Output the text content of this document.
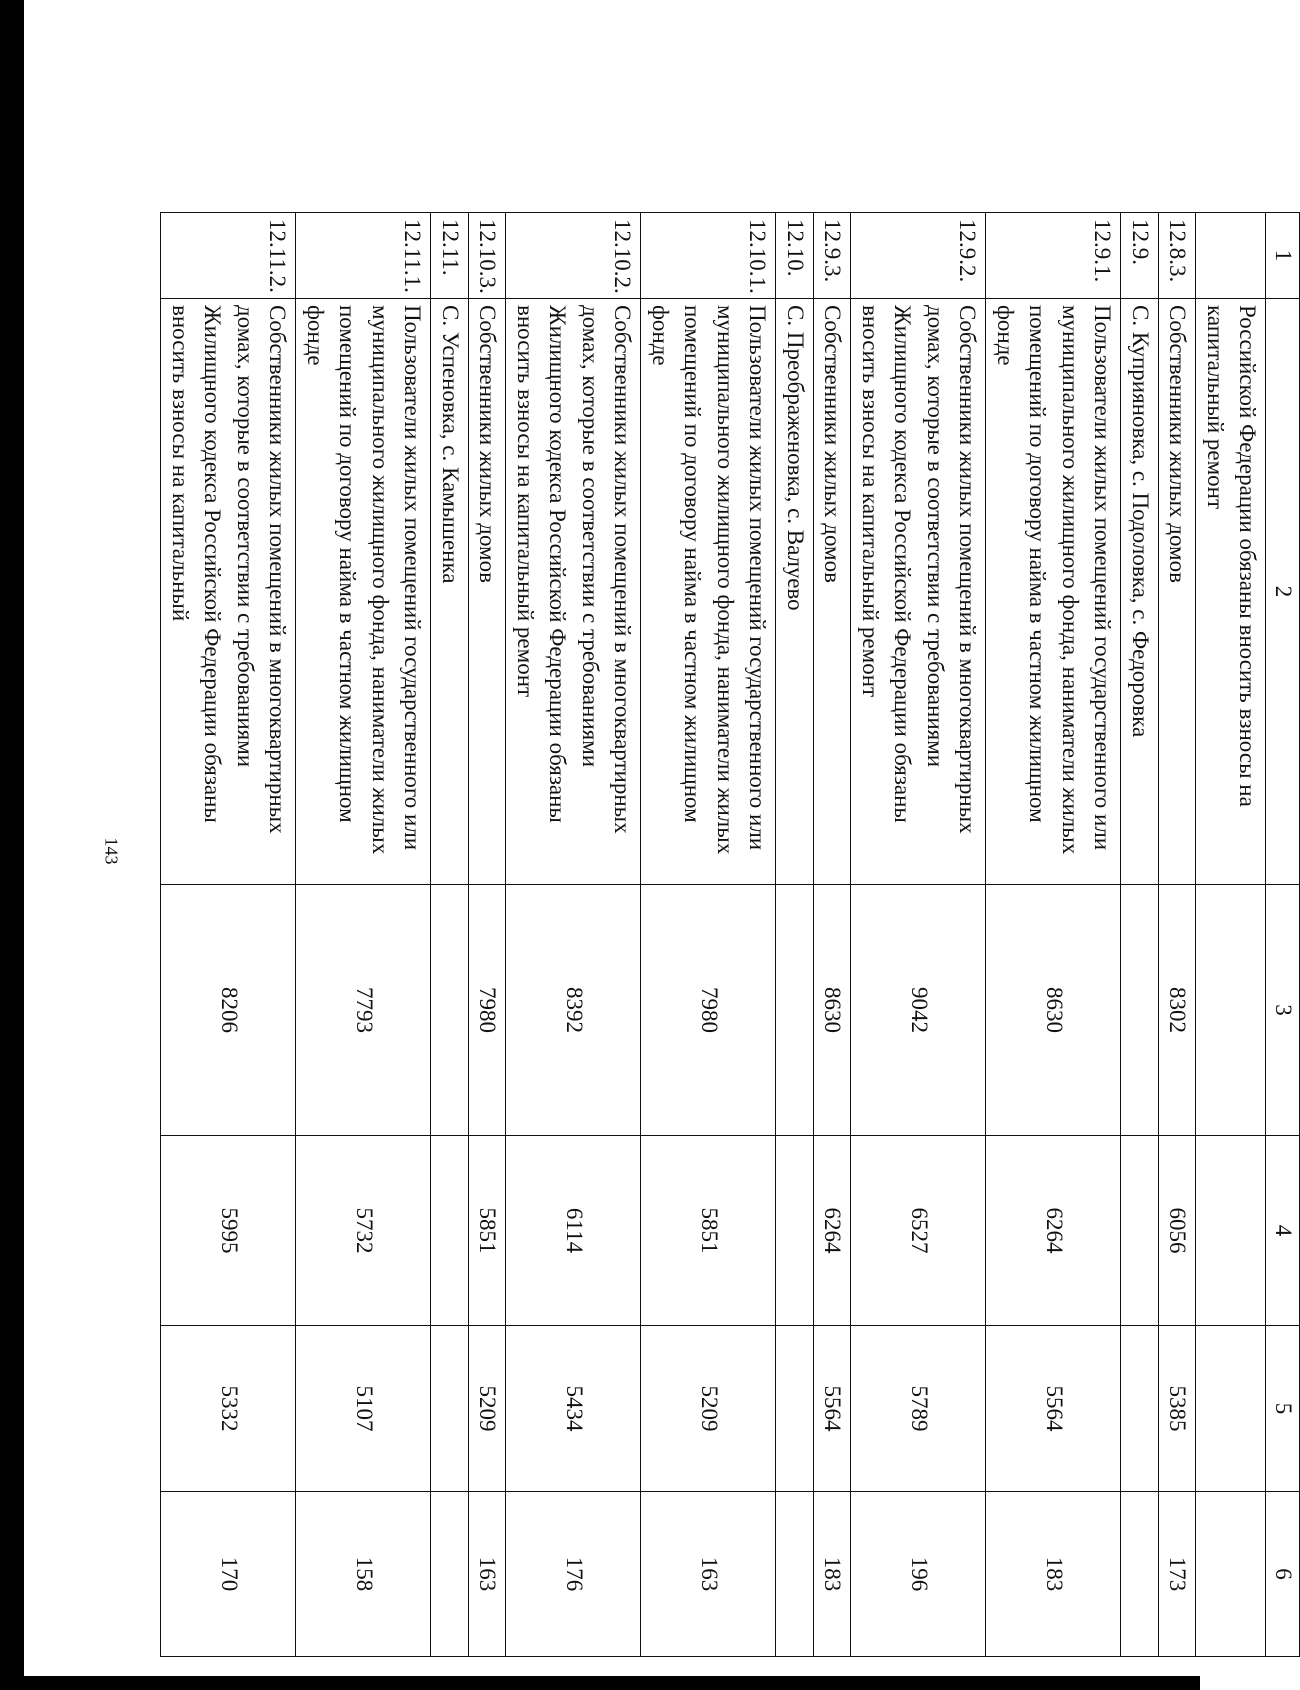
143
1	2	3	4	5	6
	Российской Федерации обязаны вносить взносы на капитальный ремонт				
12.8.3.	Собственники жилых домов	8302	6056	5385	173
12.9.	С. Куприяновка, с. Подоловка, с. Федоровка				
12.9.1.	Пользователи жилых помещений государственного или муниципального жилищного фонда, наниматели жилых помещений по договору найма в частном жилищном фонде	8630	6264	5564	183
12.9.2.	Собственники жилых помещений в многоквартирных домах, которые в соответствии с требованиями Жилищного кодекса Российской Федерации обязаны вносить взносы на капитальный ремонт	9042	6527	5789	196
12.9.3.	Собственники жилых домов	8630	6264	5564	183
12.10.	С. Преображеновка, с. Валуево				
12.10.1.	Пользователи жилых помещений государственного или муниципального жилищного фонда, наниматели жилых помещений по договору найма в частном жилищном фонде	7980	5851	5209	163
12.10.2.	Собственники жилых помещений в многоквартирных домах, которые в соответствии с требованиями Жилищного кодекса Российской Федерации обязаны вносить взносы на капитальный ремонт	8392	6114	5434	176
12.10.3.	Собственники жилых домов	7980	5851	5209	163
12.11.	С. Успеновка, с. Камышенка				
12.11.1.	Пользователи жилых помещений государственного или муниципального жилищного фонда, наниматели жилых помещений по договору найма в частном жилищном фонде	7793	5732	5107	158
12.11.2.	Собственники жилых помещений в многоквартирных домах, которые в соответствии с требованиями Жилищного кодекса Российской Федерации обязаны вносить взносы на капитальный	8206	5995	5332	170
